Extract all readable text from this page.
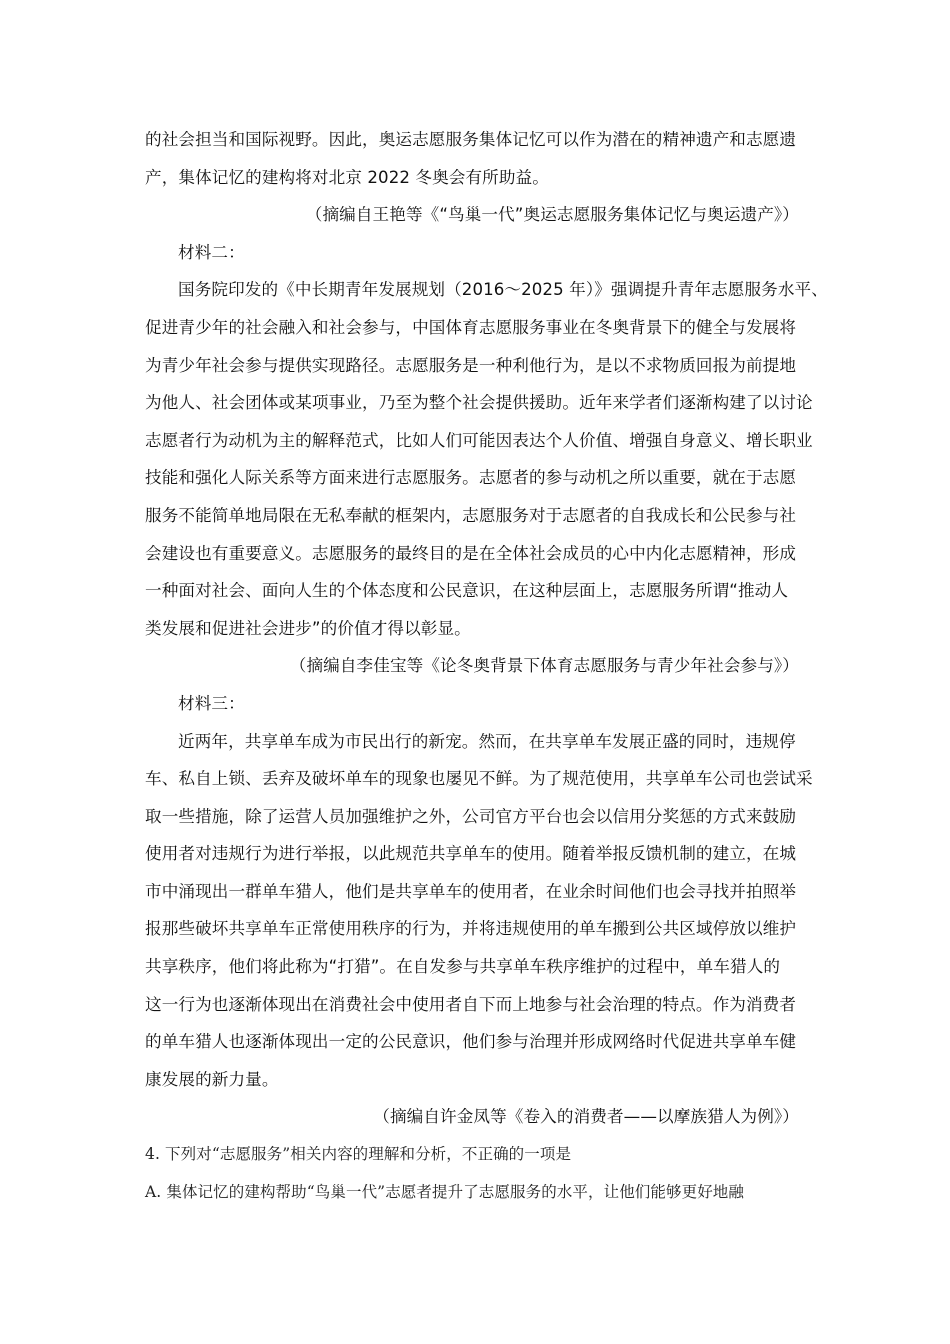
的社会担当和国际视野。因此，奥运志愿服务集体记忆可以作为潜在的精神遗产和志愿遗
产，集体记忆的建构将对北京 2022 冬奥会有所助益。
（摘编自王艳等《“鸟巢一代”奥运志愿服务集体记忆与奥运遗产》）
材料二：
国务院印发的《中长期青年发展规划（2016～2025 年）》强调提升青年志愿服务水平、
促进青少年的社会融入和社会参与，中国体育志愿服务事业在冬奥背景下的健全与发展将
为青少年社会参与提供实现路径。志愿服务是一种利他行为，是以不求物质回报为前提地
为他人、社会团体或某项事业，乃至为整个社会提供援助。近年来学者们逐渐构建了以讨论
志愿者行为动机为主的解释范式，比如人们可能因表达个人价值、增强自身意义、增长职业
技能和强化人际关系等方面来进行志愿服务。志愿者的参与动机之所以重要，就在于志愿
服务不能简单地局限在无私奉献的框架内，志愿服务对于志愿者的自我成长和公民参与社
会建设也有重要意义。志愿服务的最终目的是在全体社会成员的心中内化志愿精神，形成
一种面对社会、面向人生的个体态度和公民意识，在这种层面上，志愿服务所谓“推动人
类发展和促进社会进步”的价值才得以彰显。
（摘编自李佳宝等《论冬奥背景下体育志愿服务与青少年社会参与》）
材料三：
近两年，共享单车成为市民出行的新宠。然而，在共享单车发展正盛的同时，违规停
车、私自上锁、丢弃及破坏单车的现象也屡见不鲜。为了规范使用，共享单车公司也尝试采
取一些措施，除了运营人员加强维护之外，公司官方平台也会以信用分奖惩的方式来鼓励
使用者对违规行为进行举报，以此规范共享单车的使用。随着举报反馈机制的建立，在城
市中涌现出一群单车猎人，他们是共享单车的使用者，在业余时间他们也会寻找并拍照举
报那些破坏共享单车正常使用秩序的行为，并将违规使用的单车搬到公共区域停放以维护
共享秩序，他们将此称为“打猎”。在自发参与共享单车秩序维护的过程中，单车猎人的
这一行为也逐渐体现出在消费社会中使用者自下而上地参与社会治理的特点。作为消费者
的单车猎人也逐渐体现出一定的公民意识，他们参与治理并形成网络时代促进共享单车健
康发展的新力量。
（摘编自许金凤等《卷入的消费者——以摩族猎人为例》）
4. 下列对“志愿服务”相关内容的理解和分析，不正确的一项是
A. 集体记忆的建构帮助“鸟巢一代”志愿者提升了志愿服务的水平，让他们能够更好地融
